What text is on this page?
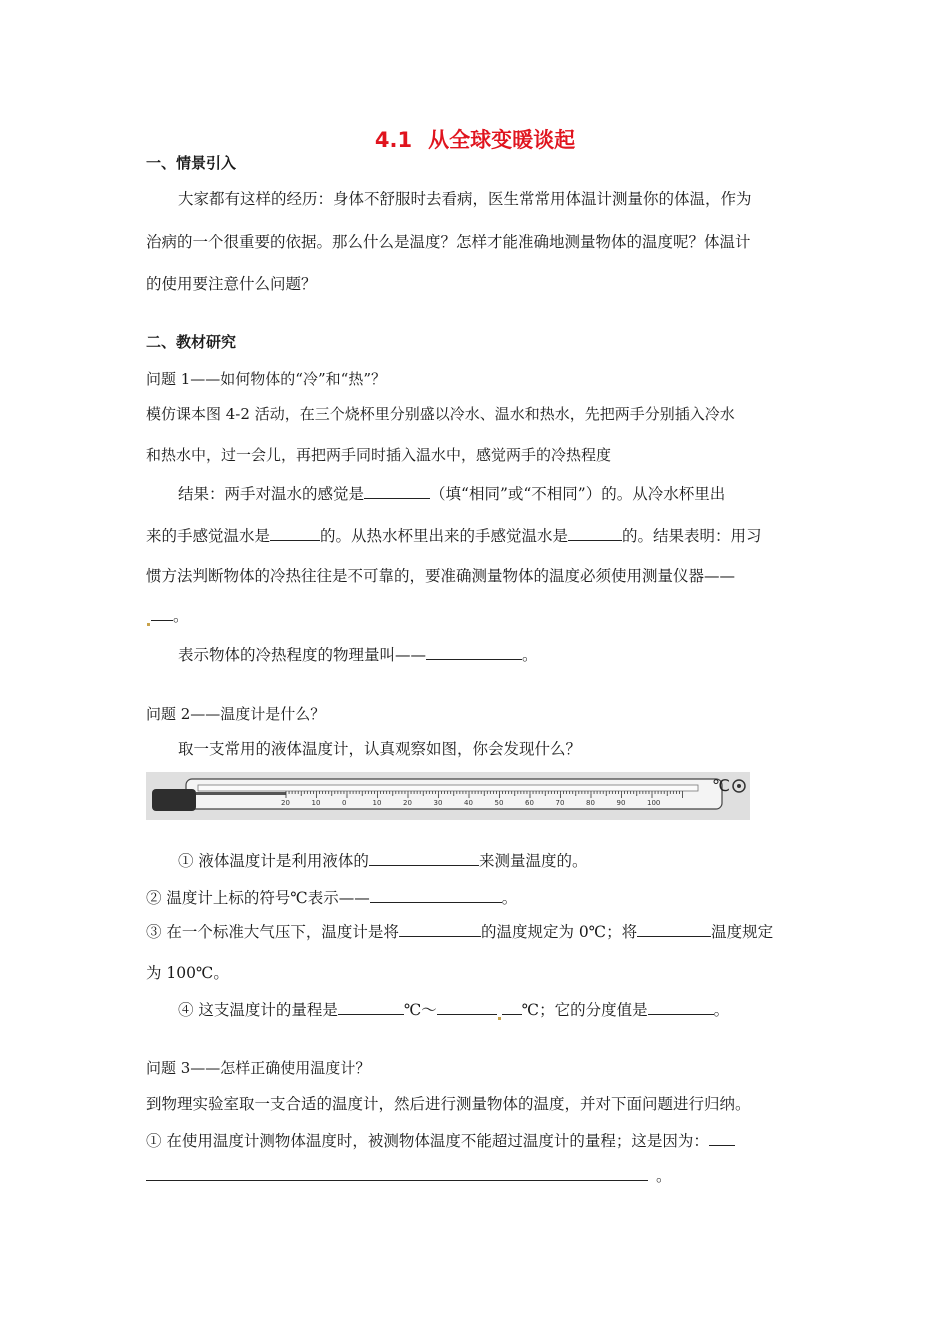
4.1 从全球变暖谈起
一、情景引入
大家都有这样的经历：身体不舒服时去看病，医生常常用体温计测量你的体温，作为
治病的一个很重要的依据。那么什么是温度？怎样才能准确地测量物体的温度呢？体温计
的使用要注意什么问题？
二、教材研究
问题 1——如何物体的“冷”和“热”？
模仿课本图 4-2 活动，在三个烧杯里分别盛以冷水、温水和热水，先把两手分别插入冷水
和热水中，过一会儿，再把两手同时插入温水中，感觉两手的冷热程度
结果：两手对温水的感觉是	（填“相同”或“不相同”）的。从冷水杯里出
来的手感觉温水是	的。从热水杯里出来的手感觉温水是	的。结果表明：用习
惯方法判断物体的冷热往往是不可靠的，要准确测量物体的温度必须使用测量仪器——
。
表示物体的冷热程度的物理量叫——	。
问题 2——温度计是什么？
取一支常用的液体温度计，认真观察如图，你会发现什么？
20	10	0	10	20	30	40	50	60	70	80	90	100
℃
① 液体温度计是利用液体的	来测量温度的。
② 温度计上标的符号℃表示——	。
③ 在一个标准大气压下，温度计是将	的温度规定为 0℃；将	温度规定
为 100℃。
④ 这支温度计的量程是	℃～	℃；它的分度值是	。
问题 3——怎样正确使用温度计？
到物理实验室取一支合适的温度计，然后进行测量物体的温度，并对下面问题进行归纳。
① 在使用温度计测物体温度时，被测物体温度不能超过温度计的量程；这是因为：
。
